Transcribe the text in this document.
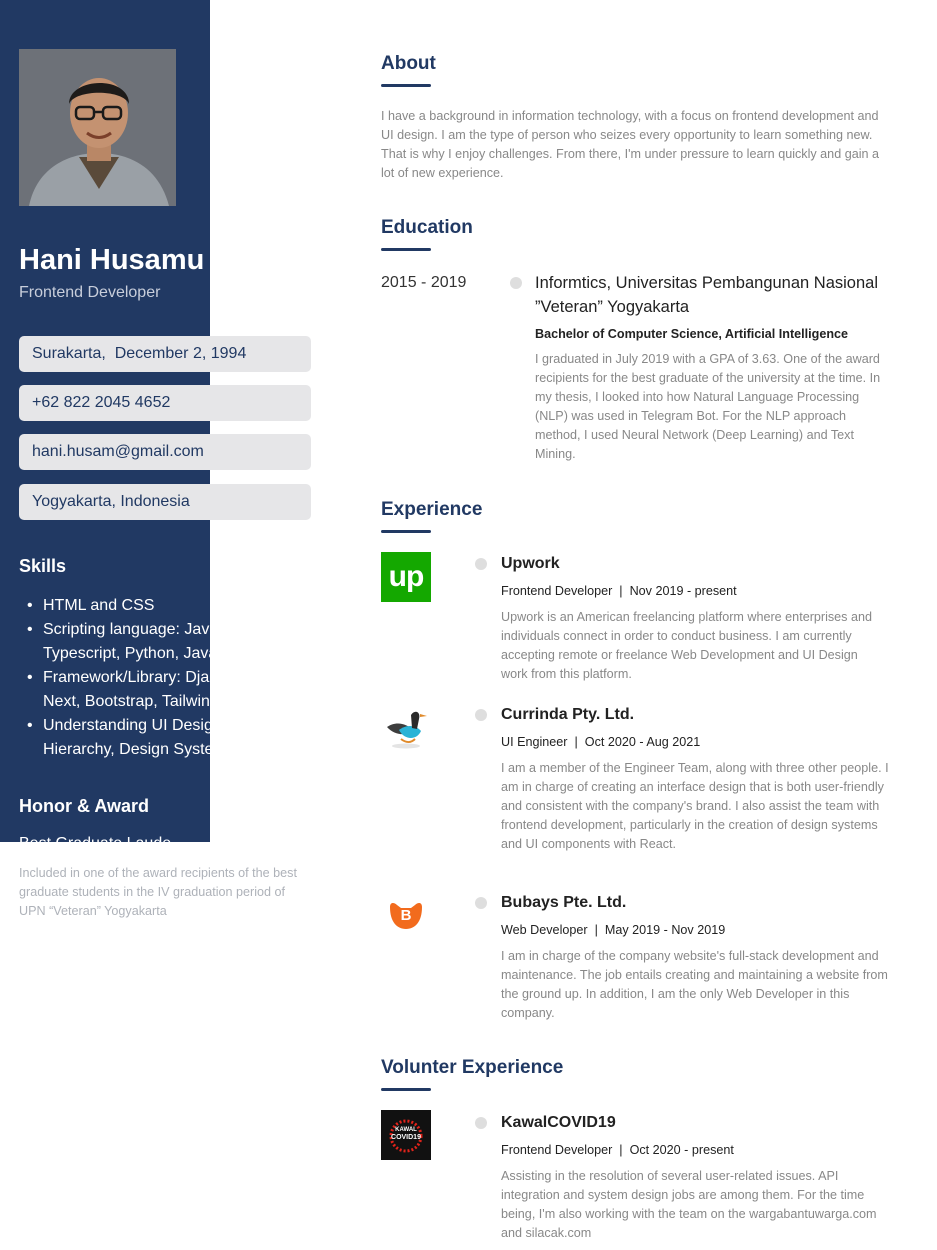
Hani Husamu
Frontend Developer
Surakarta,  December 2, 1994
+62 822 2045 4652
hani.husam@gmail.com
Yogyakarta, Indonesia
Skills
• HTML and CSS
• Scripting language: Javascript,
Typescript, Python, Java
• Framework/Library: Django, React,
Next, Bootstrap, Tailwind
• Understanding UI Design, Visual
Hierarchy, Design System
Honor & Award
Best Graduate Laude
Included in one of the award recipients of the best graduate students in the IV graduation period of UPN “Veteran” Yogyakarta
About
I have a background in information technology, with a focus on frontend development and UI design. I am the type of person who seizes every opportunity to learn something new. That is why I enjoy challenges. From there, I'm under pressure to learn quickly and gain a lot of new experience.
Education
2015 - 2019	Informtics, Universitas Pembangunan Nasional ”Veteran” Yogyakarta
Bachelor of Computer Science, Artificial Intelligence
I graduated in July 2019 with a GPA of 3.63. One of the award recipients for the best graduate of the university at the time. In my thesis, I looked into how Natural Language Processing (NLP) was used in Telegram Bot. For the NLP approach method, I used Neural Network (Deep Learning) and Text Mining.
Experience
up	Upwork
Frontend Developer  |  Nov 2019 - present
Upwork is an American freelancing platform where enterprises and individuals connect in order to conduct business. I am currently accepting remote or freelance Web Development and UI Design work from this platform.
Currinda Pty. Ltd.
UI Engineer  |  Oct 2020 - Aug 2021
I am a member of the Engineer Team, along with three other people. I am in charge of creating an interface design that is both user-friendly and consistent with the company's brand. I also assist the team with frontend development, particularly in the creation of design systems and UI components with React.
B
Bubays Pte. Ltd.
Web Developer  |  May 2019 - Nov 2019
I am in charge of the company website's full-stack development and maintenance. The job entails creating and maintaining a website from the ground up. In addition, I am the only Web Developer in this company.
Volunter Experience
KAWAL
COVID19
KawalCOVID19
Frontend Developer  |  Oct 2020 - present
Assisting in the resolution of several user-related issues. API integration and system design jobs are among them. For the time being, I'm also working with the team on the wargabantuwarga.com and silacak.com
